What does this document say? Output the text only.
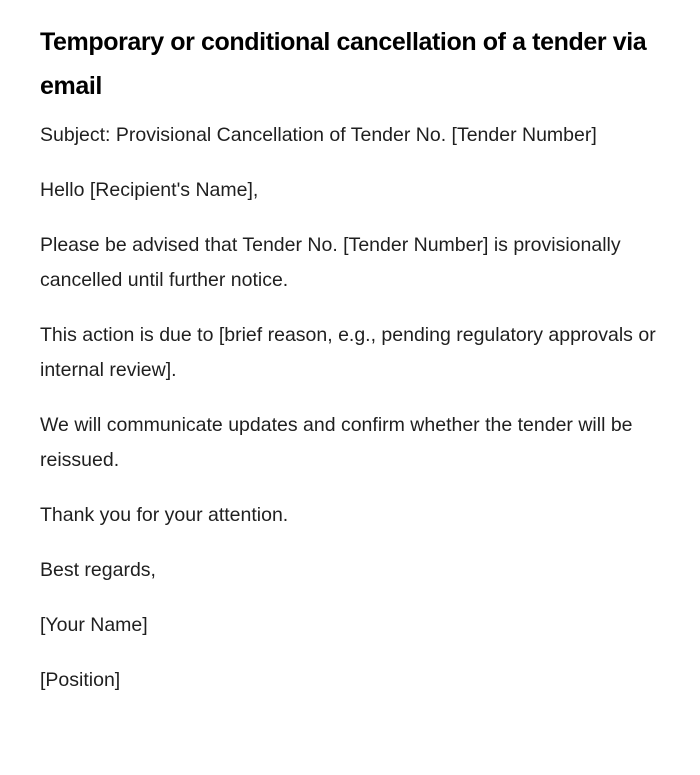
Temporary or conditional cancellation of a tender via email

Subject: Provisional Cancellation of Tender No. [Tender Number]

Hello [Recipient's Name],

Please be advised that Tender No. [Tender Number] is provisionally cancelled until further notice.

This action is due to [brief reason, e.g., pending regulatory approvals or internal review].

We will communicate updates and confirm whether the tender will be reissued.

Thank you for your attention.

Best regards,

[Your Name]

[Position]
